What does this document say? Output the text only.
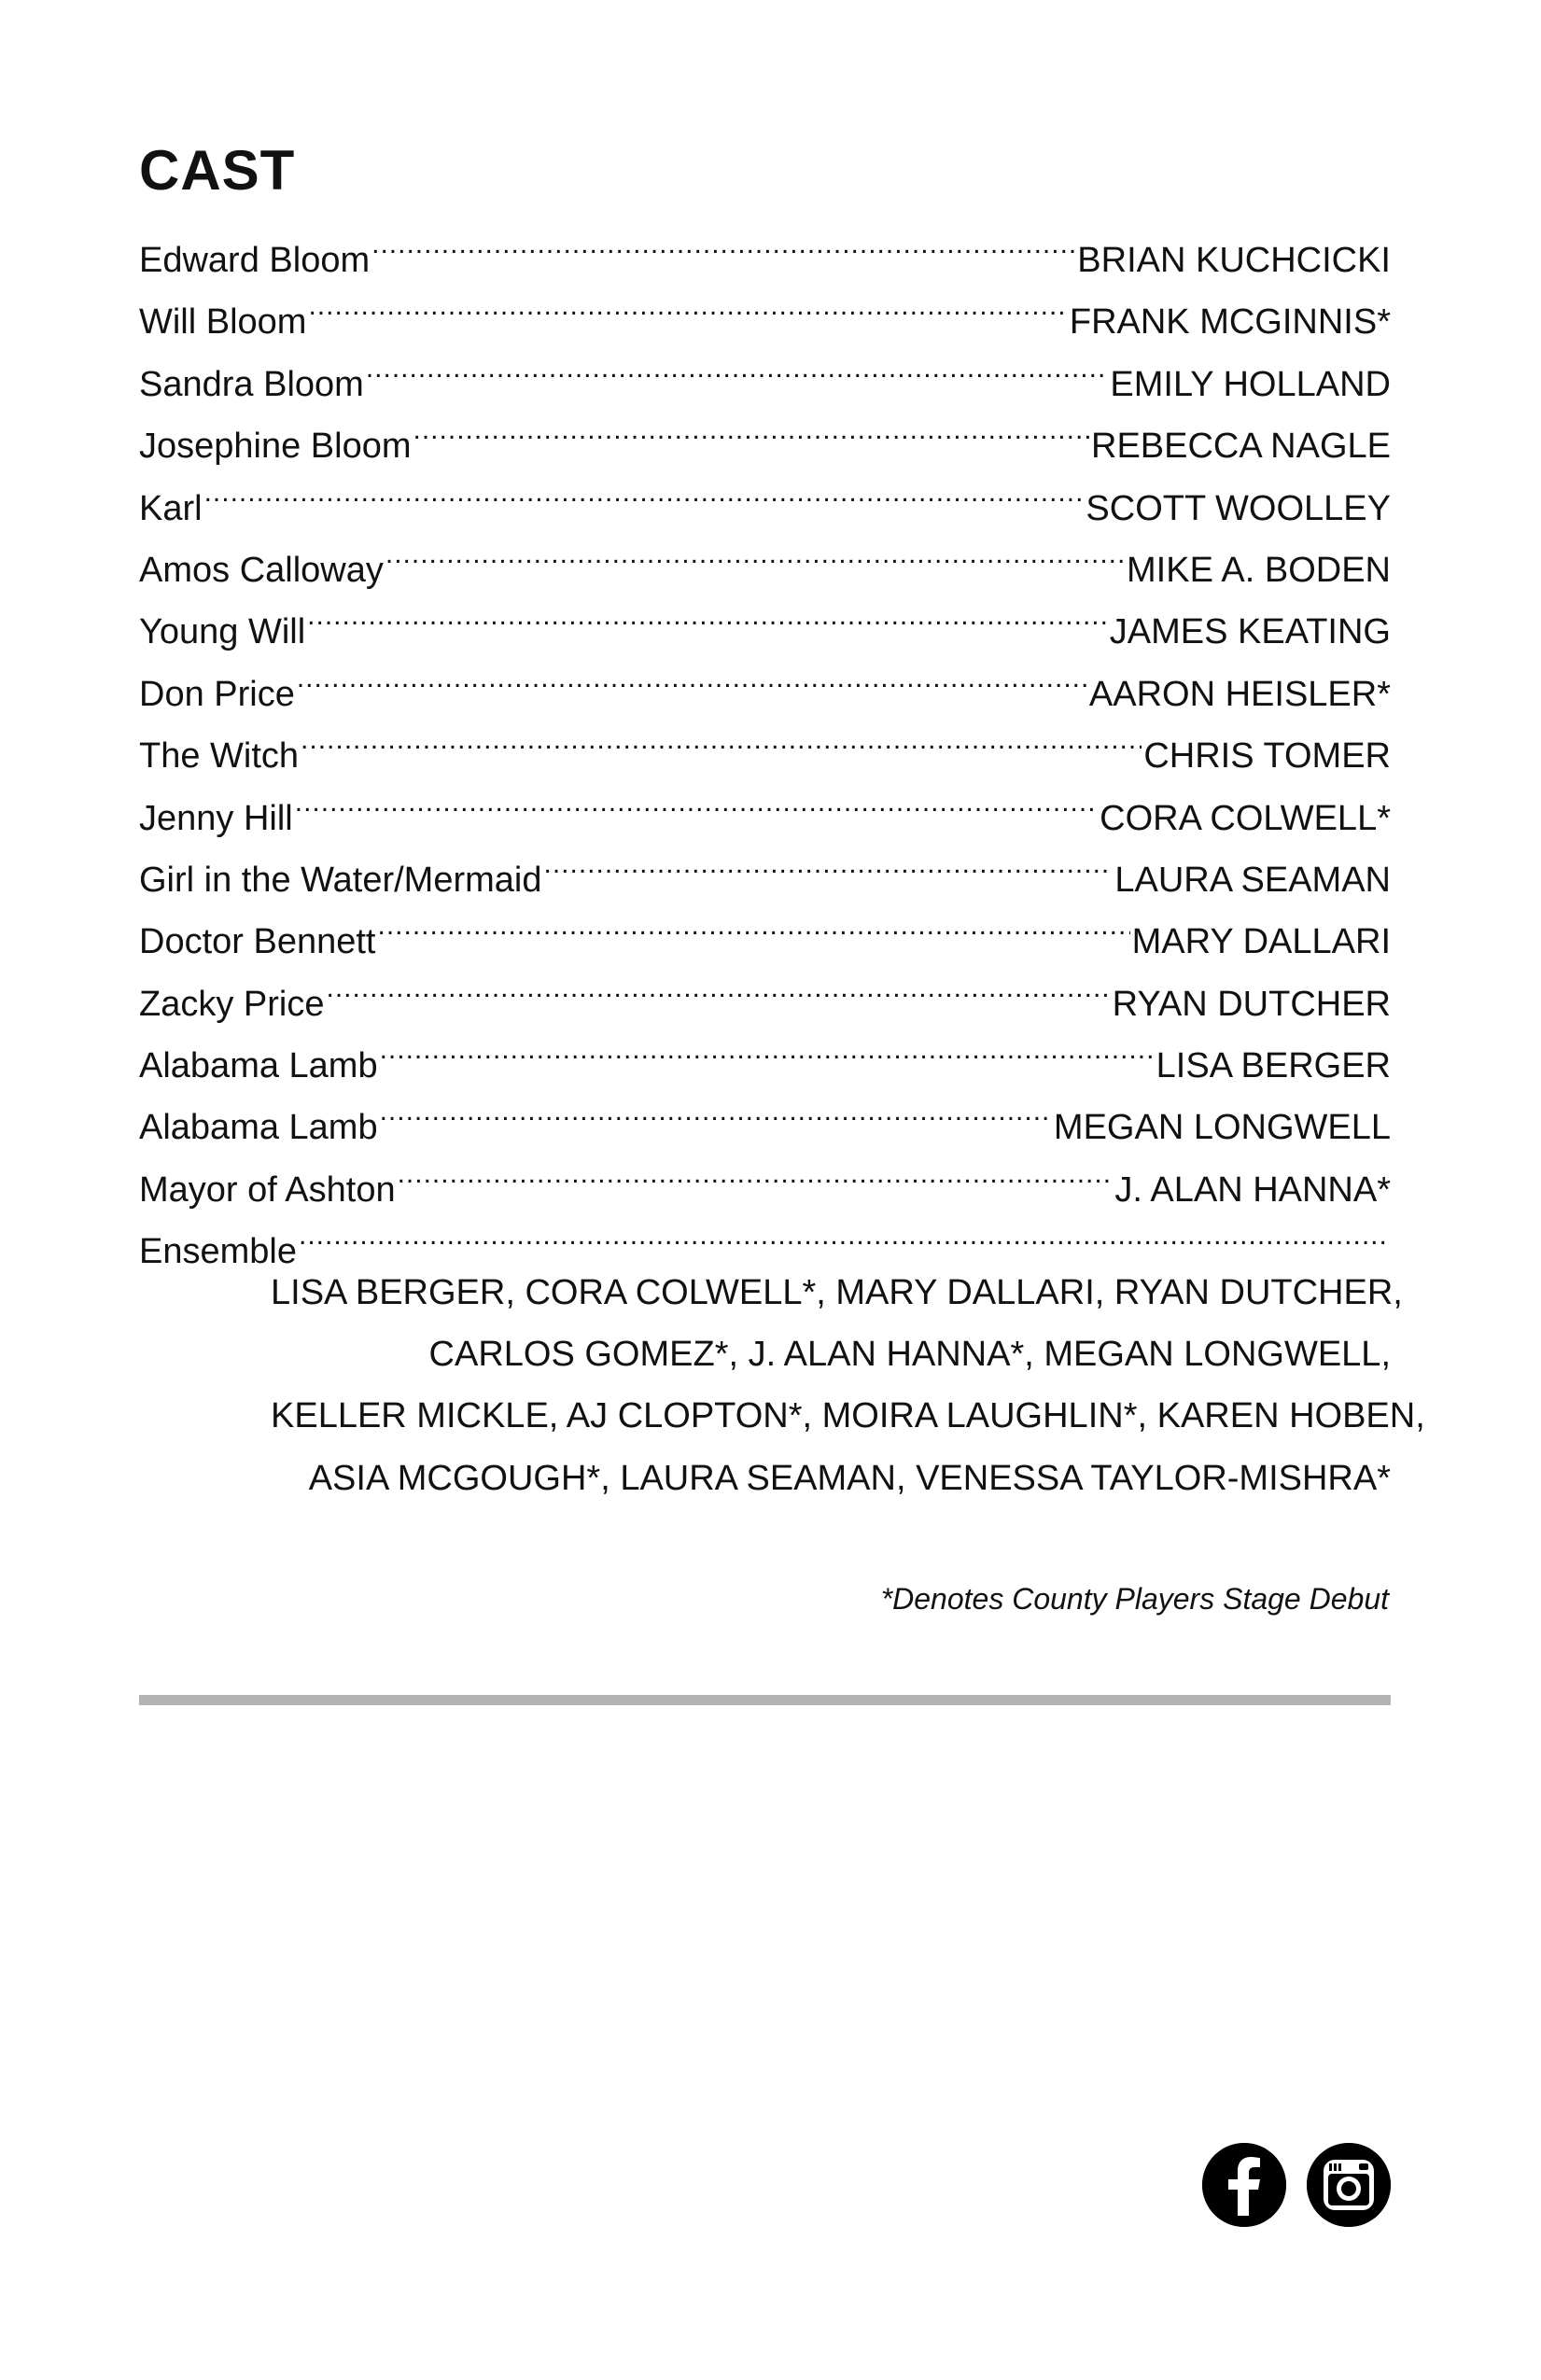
CAST
Edward Bloom .....	BRIAN KUCHCICKI
Will Bloom .....	FRANK MCGINNIS*
Sandra Bloom .....	EMILY HOLLAND
Josephine Bloom .....	REBECCA NAGLE
Karl .....	SCOTT WOOLLEY
Amos Calloway .....	MIKE A. BODEN
Young Will .....	JAMES KEATING
Don Price .....	AARON HEISLER*
The Witch .....	CHRIS TOMER
Jenny Hill .....	CORA COLWELL*
Girl in the Water/Mermaid .....	LAURA SEAMAN
Doctor Bennett .....	MARY DALLARI
Zacky Price .....	RYAN DUTCHER
Alabama Lamb .....	LISA BERGER
Alabama Lamb .....	MEGAN LONGWELL
Mayor of Ashton .....	J. ALAN HANNA*
Ensemble
.....
LISA BERGER, CORA COLWELL*, MARY DALLARI, RYAN DUTCHER,
CARLOS GOMEZ*, J. ALAN HANNA*, MEGAN LONGWELL,
KELLER MICKLE, AJ CLOPTON*, MOIRA LAUGHLIN*, KAREN HOBEN,
ASIA MCGOUGH*, LAURA SEAMAN, VENESSA TAYLOR-MISHRA*
*Denotes County Players Stage Debut
